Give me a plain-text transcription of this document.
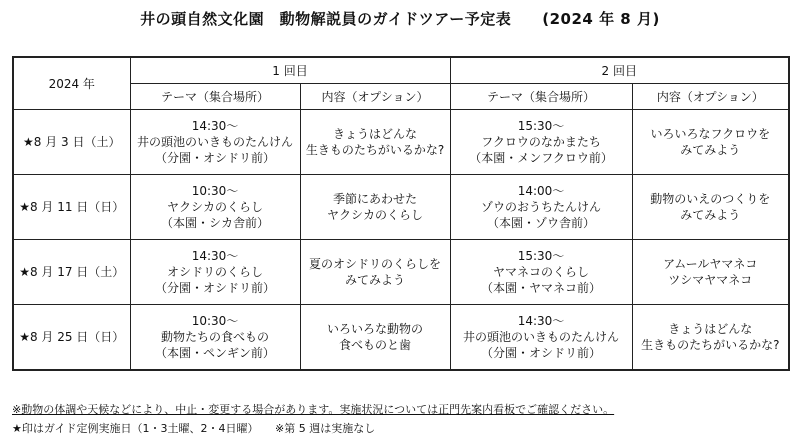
井の頭自然文化園　動物解説員のガイドツアー予定表　　(2024 年 8 月)
2024 年	1 回目		2 回目	
	テーマ（集合場所）	内容（オプション）	テーマ（集合場所）	内容（オプション）
★8 月 3 日（土）	14:30～
井の頭池のいきものたんけん
（分園・オシドリ前）	きょうはどんな
生きものたちがいるかな?	15:30～
フクロウのなかまたち
（本園・メンフクロウ前）	いろいろなフクロウを
みてみよう

★8 月 11 日（日）	10:30～
ヤクシカのくらし
（本園・シカ舎前）	季節にあわせた
ヤクシカのくらし	14:00～
ゾウのおうちたんけん
（本園・ゾウ舎前）	動物のいえのつくりを
みてみよう

★8 月 17 日（土）	14:30～
オシドリのくらし
（分園・オシドリ前）	夏のオシドリのくらしを
みてみよう	15:30～
ヤマネコのくらし
（本園・ヤマネコ前）	アムールヤマネコ
ツシマヤマネコ

★8 月 25 日（日）	10:30～
動物たちの食べもの
（本園・ペンギン前）	いろいろな動物の
食べものと歯	14:30～
井の頭池のいきものたんけん
（分園・オシドリ前）	きょうはどんな
生きものたちがいるかな?
※動物の体調や天候などにより、中止・変更する場合があります。実施状況については正門先案内看板でご確認ください。
★印はガイド定例実施日（1・3土曜、2・4日曜）　　※第 5 週は実施なし
